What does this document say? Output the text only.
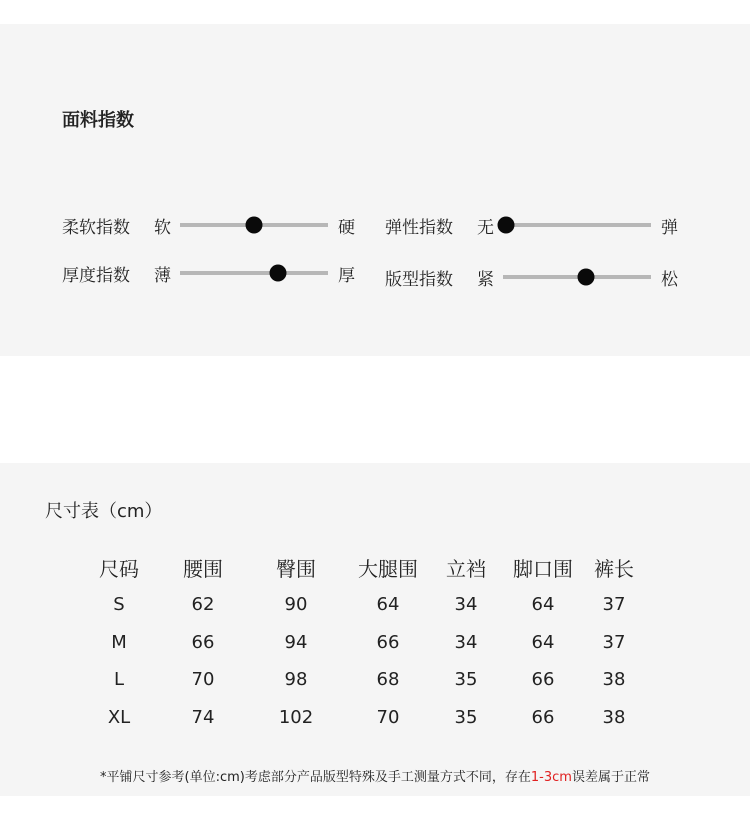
面料指数
柔软指数	软	硬 弹性指数	无	弹
厚度指数	薄	厚 版型指数	紧	松
尺寸表（cm）
尺码	腰围	臀围	大腿围	立裆	脚口围	裤长
S	62	90	64	34	64	37
M	66	94	66	34	64	37
L	70	98	68	35	66	38
XL	74	102	70	35	66	38
*平铺尺寸参考(单位:cm)考虑部分产品版型特殊及手工测量方式不同，存在1-3cm误差属于正常
